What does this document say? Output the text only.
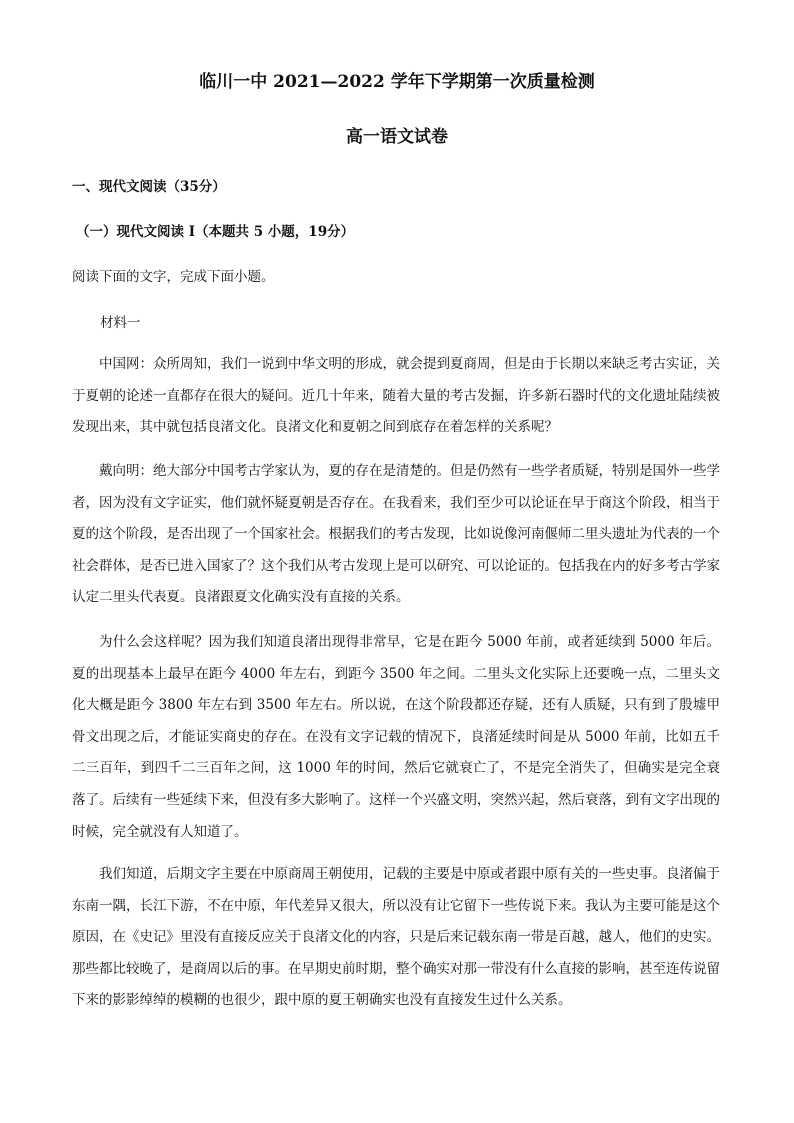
临川一中 2021—2022 学年下学期第一次质量检测
高一语文试卷
一、现代文阅读（35分）
（一）现代文阅读 I（本题共 5 小题，19分）
阅读下面的文字，完成下面小题。
材料一
中国网：众所周知，我们一说到中华文明的形成，就会提到夏商周，但是由于长期以来缺乏考古实证，关于夏朝的论述一直都存在很大的疑问。近几十年来，随着大量的考古发掘，许多新石器时代的文化遗址陆续被发现出来，其中就包括良渚文化。良渚文化和夏朝之间到底存在着怎样的关系呢？
戴向明：绝大部分中国考古学家认为，夏的存在是清楚的。但是仍然有一些学者质疑，特别是国外一些学者，因为没有文字证实，他们就怀疑夏朝是否存在。在我看来，我们至少可以论证在早于商这个阶段，相当于夏的这个阶段，是否出现了一个国家社会。根据我们的考古发现，比如说像河南偃师二里头遗址为代表的一个社会群体，是否已进入国家了？这个我们从考古发现上是可以研究、可以论证的。包括我在内的好多考古学家认定二里头代表夏。良渚跟夏文化确实没有直接的关系。
为什么会这样呢？因为我们知道良渚出现得非常早，它是在距今 5000 年前，或者延续到 5000 年后。夏的出现基本上最早在距今 4000 年左右，到距今 3500 年之间。二里头文化实际上还要晚一点，二里头文化大概是距今 3800 年左右到 3500 年左右。所以说，在这个阶段都还存疑，还有人质疑，只有到了殷墟甲骨文出现之后，才能证实商史的存在。在没有文字记载的情况下，良渚延续时间是从 5000 年前，比如五千二三百年，到四千二三百年之间，这 1000 年的时间，然后它就衰亡了，不是完全消失了，但确实是完全衰落了。后续有一些延续下来，但没有多大影响了。这样一个兴盛文明，突然兴起，然后衰落，到有文字出现的时候，完全就没有人知道了。
我们知道，后期文字主要在中原商周王朝使用，记载的主要是中原或者跟中原有关的一些史事。良渚偏于东南一隅，长江下游，不在中原，年代差异又很大，所以没有让它留下一些传说下来。我认为主要可能是这个原因，在《史记》里没有直接反应关于良渚文化的内容，只是后来记载东南一带是百越，越人，他们的史实。那些都比较晚了，是商周以后的事。在早期史前时期，整个确实对那一带没有什么直接的影响，甚至连传说留下来的影影绰绰的模糊的也很少，跟中原的夏王朝确实也没有直接发生过什么关系。
